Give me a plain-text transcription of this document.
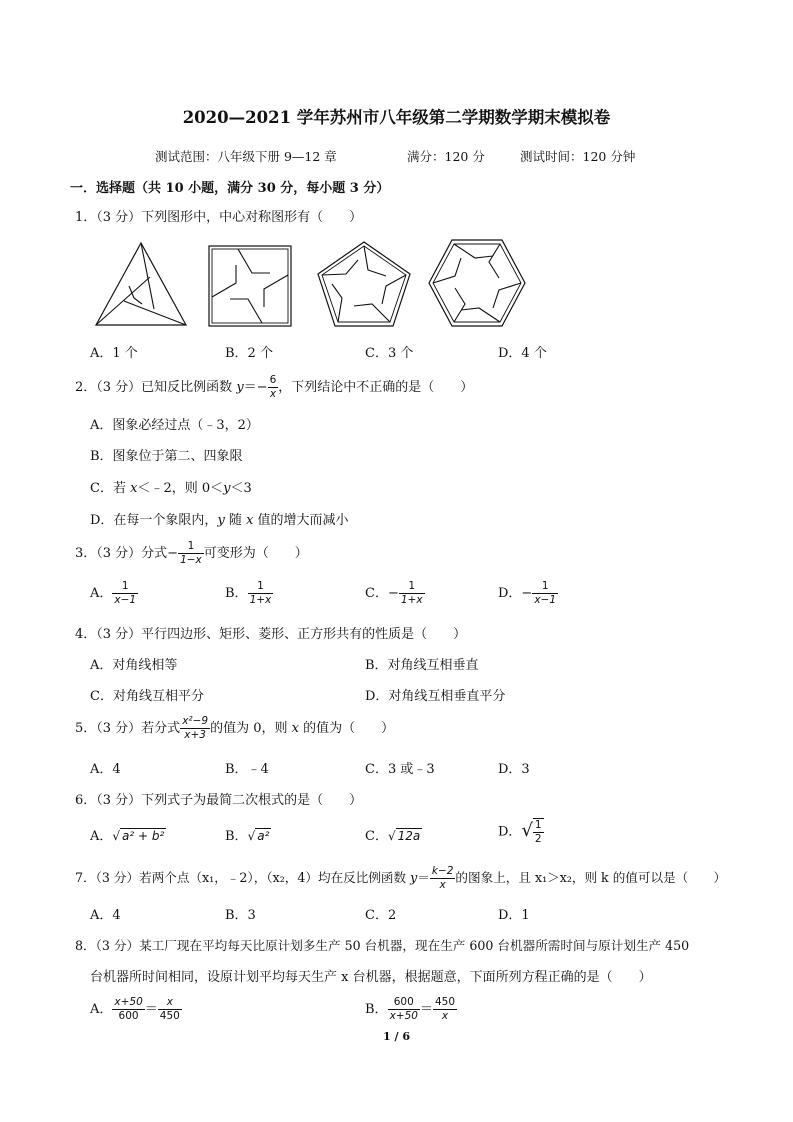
2020—2021 学年苏州市八年级第二学期数学期末模拟卷
测试范围：八年级下册 9—12 章	满分：120 分	测试时间：120 分钟
一．选择题（共 10 小题，满分 30 分，每小题 3 分）
1．（3 分）下列图形中，中心对称图形有（　　）
A．1 个	B．2 个	C．3 个	D．4 个
2．（3 分）已知反比例函数 $y=- \frac{6}{x}$ ，下列结论中不正确的是（　　）
A．图象必经过点（﹣3，2）
B．图象位于第二、四象限
C．若 x＜﹣2，则 0＜y＜3
D．在每一个象限内，y 随 x 值的增大而减小
3．（3 分）分式− $\frac{1}{1-x}$ 可变形为（　　）
A． $\frac{1}{x-1}$	B． $\frac{1}{1+x}$	C．− $\frac{1}{1+x}$	D．− $\frac{1}{x-1}$
4．（3 分）平行四边形、矩形、菱形、正方形共有的性质是（　　）
A．对角线相等	B．对角线互相垂直
C．对角线互相平分	D．对角线互相垂直平分
5．（3 分）若分式 $\frac{\text{x²−9}}{x+3}$ 的值为 0，则 x 的值为（　　）
A．4	B．﹣4	C．3 或﹣3	D．3
6．（3 分）下列式子为最简二次根式的是（　　）
A．√ a² + b²	B．√ a²	C．√ 12a	D．√ $\frac{1}{2}$
7．（3 分）若两个点（x₁，﹣2），（x₂，4）均在反比例函数 $y= \frac{k-2}{x}$ 的图象上，且 x₁＞x₂，则 k 的值可以是（　　）
A．4	B．3	C．2	D．1
8．（3 分）某工厂现在平均每天比原计划多生产 50 台机器，现在生产 600 台机器所需时间与原计划生产 450
台机器所时间相同，设原计划平均每天生产 x 台机器，根据题意，下面所列方程正确的是（　　）
A． $\frac{x+50}{600} = \frac{x}{450}$	B． $\frac{600}{x+50} = \frac{450}{x}$
1 / 6
